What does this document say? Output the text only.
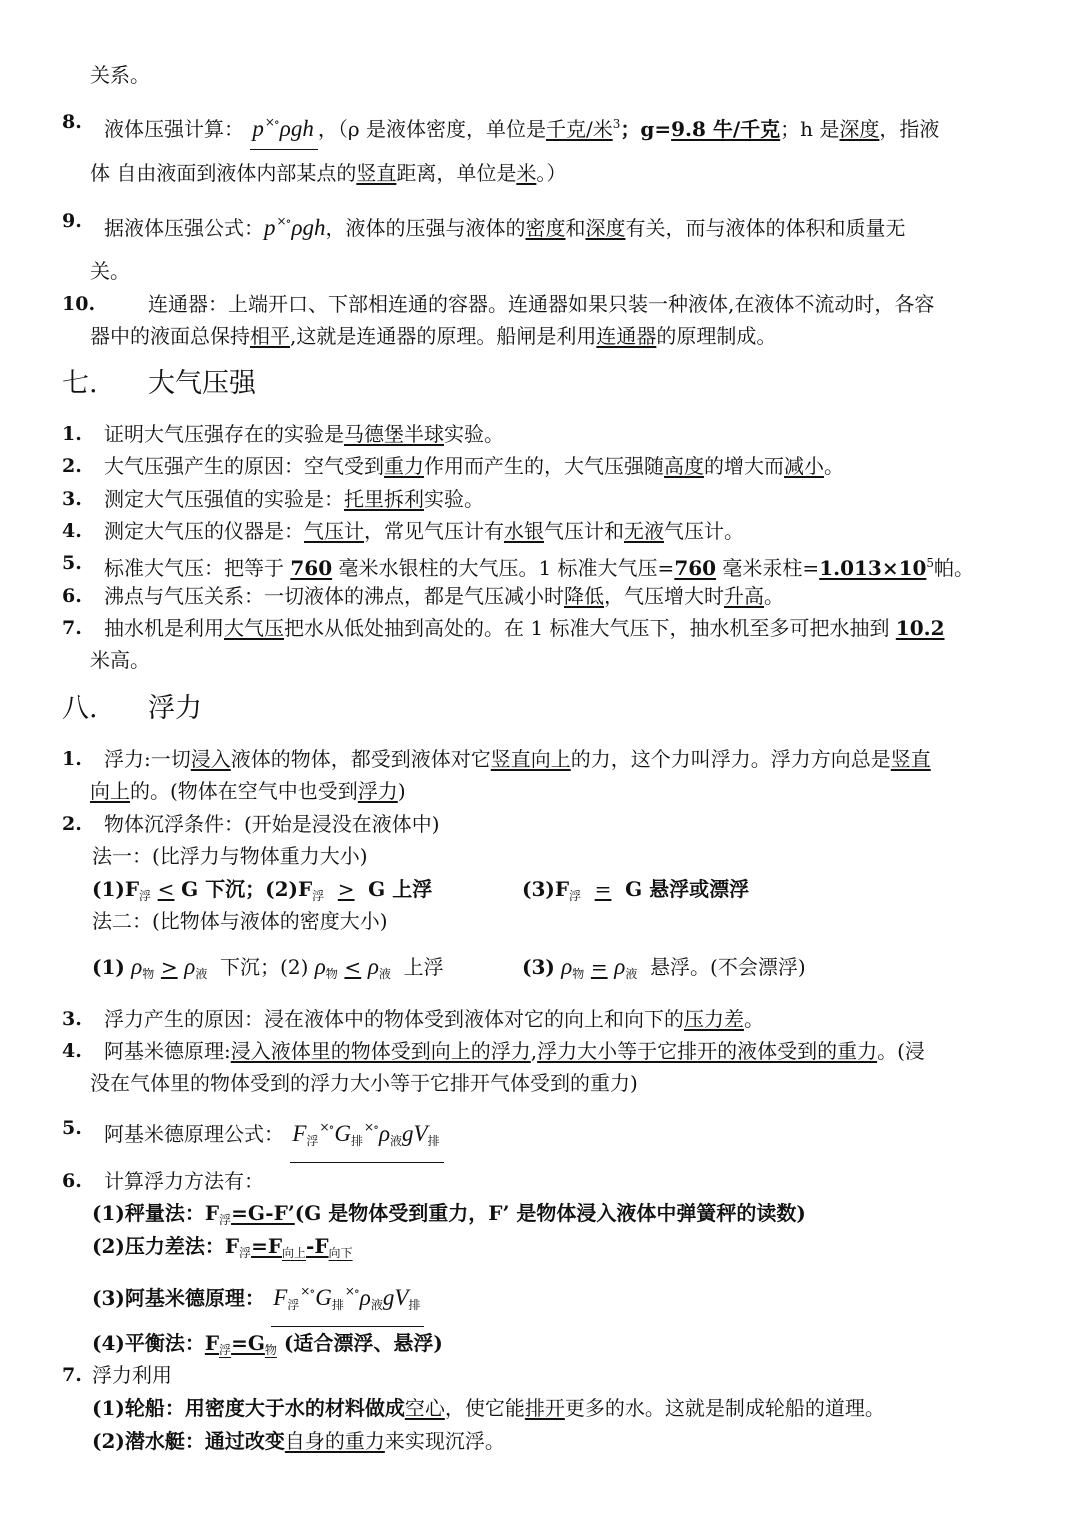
关系。
8. 液体压强计算： p×∘ρgh ，（ρ 是液体密度，单位是千克/米$^3$；g=9.8 牛/千克；h 是深度，指液
体 自由液面到液体内部某点的竖直距离，单位是米。）
9. 据液体压强公式：p×∘ρgh，液体的压强与液体的密度和深度有关，而与液体的体积和质量无
关。
10.	连通器：上端开口、下部相连通的容器。连通器如果只装一种液体,在液体不流动时，各容
器中的液面总保持相平,这就是连通器的原理。船闸是利用连通器的原理制成。
七. 大气压强
1. 证明大气压强存在的实验是马德堡半球实验。
2. 大气压强产生的原因：空气受到重力作用而产生的，大气压强随高度的增大而减小。
3. 测定大气压强值的实验是：托里拆利实验。
4. 测定大气压的仪器是：气压计，常见气压计有水银气压计和无液气压计。
5. 标准大气压：把等于 760 毫米水银柱的大气压。1 标准大气压=760 毫米汞柱$=1.013\times 10^5$帕。
6. 沸点与气压关系：一切液体的沸点，都是气压减小时降低，气压增大时升高。
7. 抽水机是利用大气压把水从低处抽到高处的。在 1 标准大气压下，抽水机至多可把水抽到 10.2
米高。
八. 浮力
1. 浮力:一切浸入液体的物体，都受到液体对它竖直向上的力，这个力叫浮力。浮力方向总是竖直
向上的。(物体在空气中也受到浮力)
2. 物体沉浮条件：(开始是浸没在液体中)
法一：(比浮力与物体重力大小)
$(1)F_浮<G$ 下沉；$(2)F_浮>G$ 上浮	$(3)F_浮=G$ 悬浮或漂浮
法二：(比物体与液体的密度大小)
(1) $\rho_物>\rho_液$ 下沉；(2) $\rho_物<\rho_液$ 上浮	(3) $\rho_物=\rho_液$ 悬浮。(不会漂浮)
3. 浮力产生的原因：浸在液体中的物体受到液体对它的向上和向下的压力差。
4. 阿基米德原理:浸入液体里的物体受到向上的浮力,浮力大小等于它排开的液体受到的重力。(浸
没在气体里的物体受到的浮力大小等于它排开气体受到的重力)
5. 阿基米德原理公式： $F_浮^{\times\circ}G_排^{\times\circ}\rho_液gV_排$
6. 计算浮力方法有：
(1)秤量法：$F_浮=G-F’(G$ 是物体受到重力，F’ 是物体浸入液体中弹簧秤的读数)
(2)压力差法：$F_浮=F_{向上}-F_{向下}$
(3)阿基米德原理： $F_浮^{\times\circ}G_排^{\times\circ}\rho_液gV_排$
(4)平衡法：$F_浮=G_物$ (适合漂浮、悬浮)
7. 浮力利用
(1)轮船：用密度大于水的材料做成空心，使它能排开更多的水。这就是制成轮船的道理。
(2)潜水艇：通过改变自身的重力来实现沉浮。
